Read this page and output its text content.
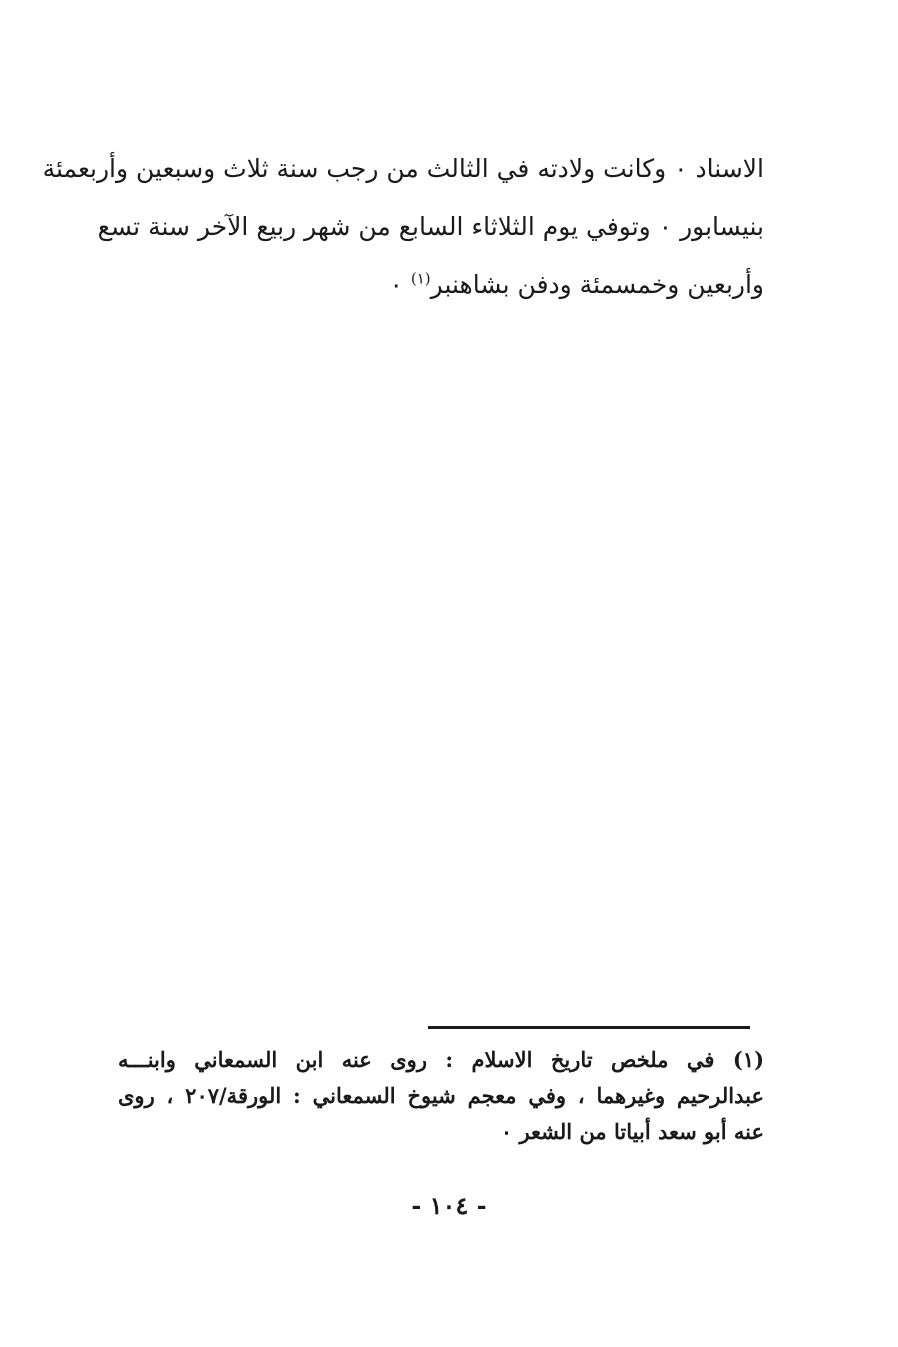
الاسناد ٠ وكانت ولادته في الثالث من رجب سنة ثلاث وسبعين وأربعمئة
بنيسابور ٠ وتوفي يوم الثلاثاء السابع من شهر ربيع الآخر سنة تسع
وأربعين وخمسمئة ودفن بشاهنبر$^{(١)}$ ٠
(١) في ملخص تاريخ الاسلام : روى عنه ابن السمعاني وابنـــه
عبدالرحيم وغيرهما ، وفي معجم شيوخ السمعاني : الورقة/٢٠٧ ، روى
عنه أبو سعد أبياتا من الشعر ٠
- ١٠٤ -
